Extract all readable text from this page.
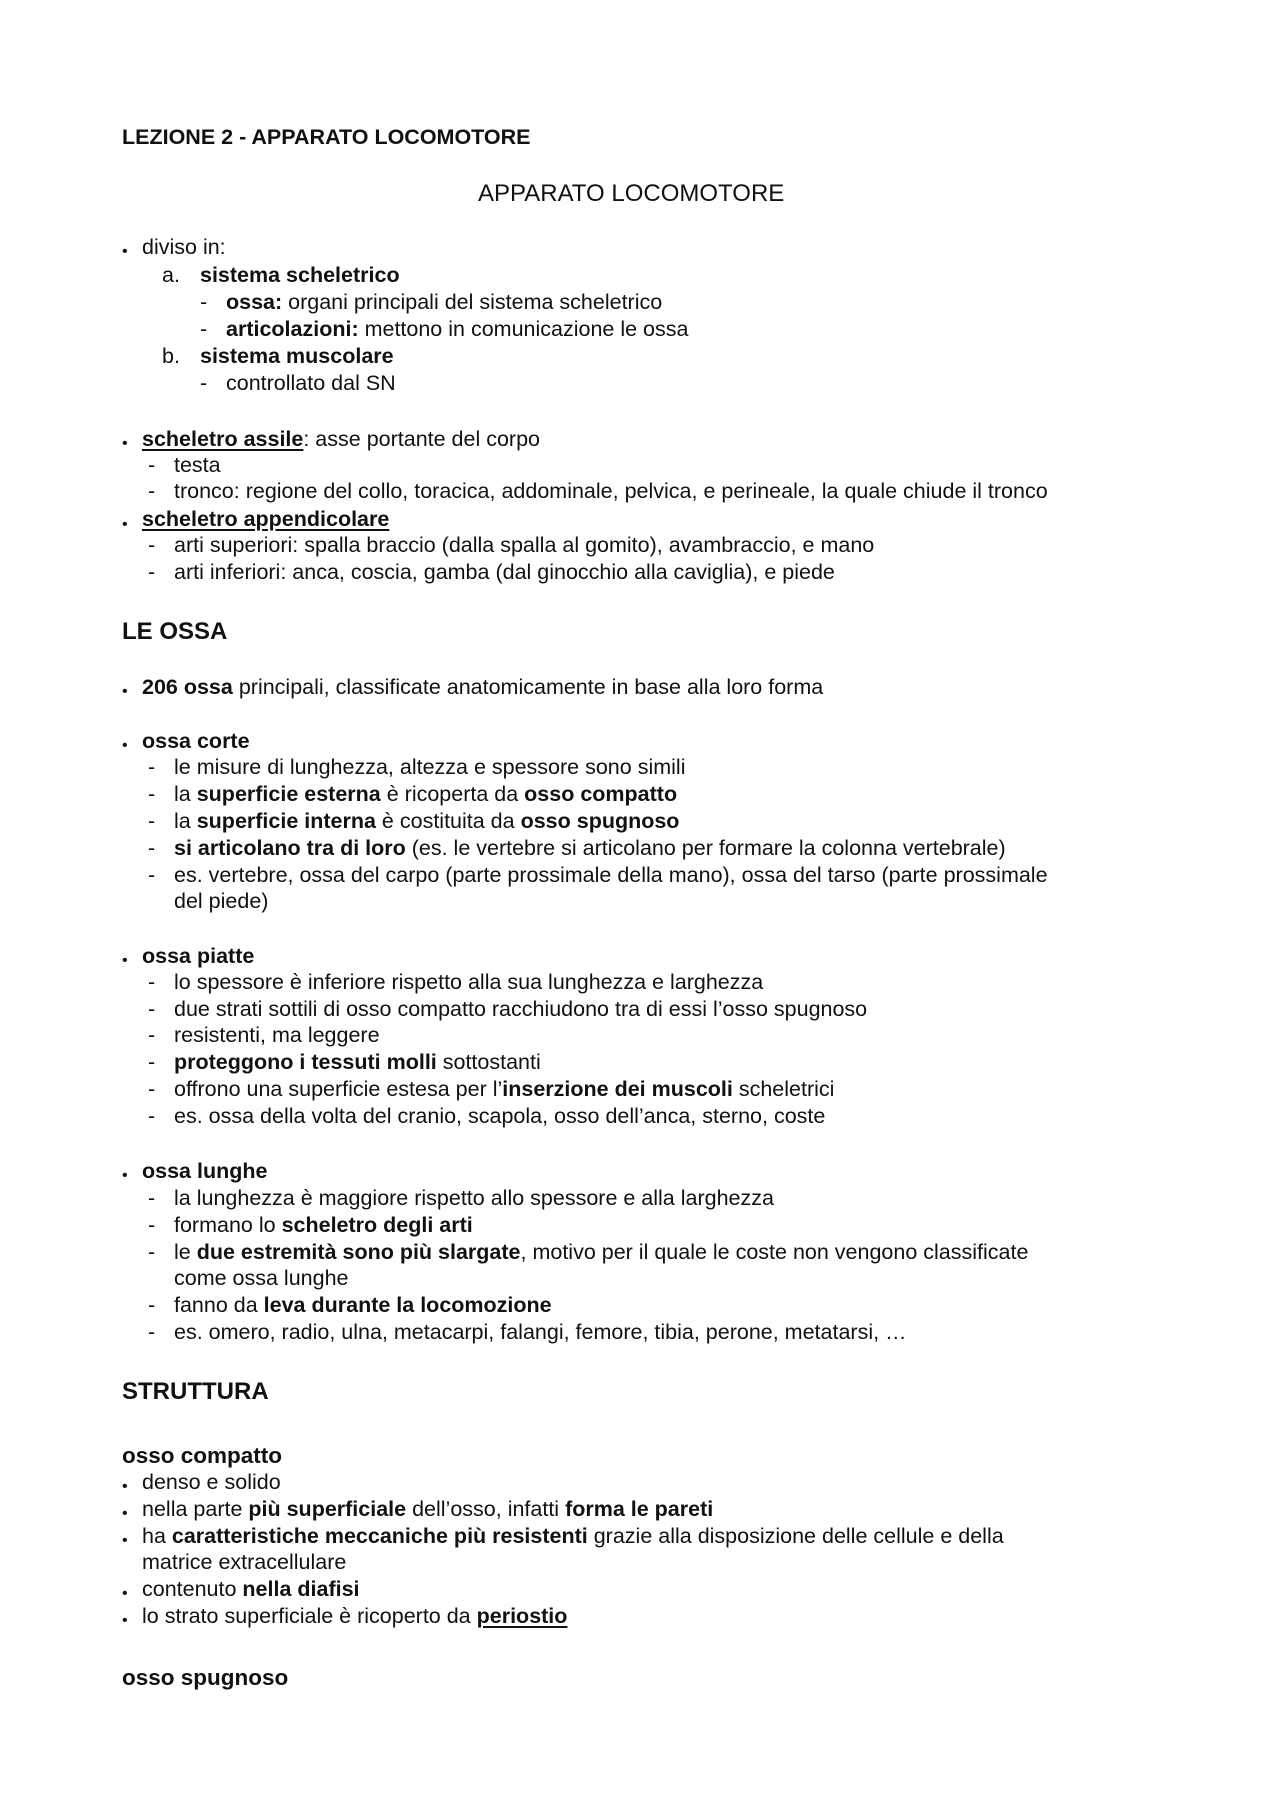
LEZIONE 2 - APPARATO LOCOMOTORE
APPARATO LOCOMOTORE
• diviso in:
a. sistema scheletrico
- ossa: organi principali del sistema scheletrico
- articolazioni: mettono in comunicazione le ossa
b. sistema muscolare
- controllato dal SN
• scheletro assile: asse portante del corpo
- testa
- tronco: regione del collo, toracica, addominale, pelvica, e perineale, la quale chiude il tronco
• scheletro appendicolare
- arti superiori: spalla braccio (dalla spalla al gomito), avambraccio, e mano
- arti inferiori: anca, coscia, gamba (dal ginocchio alla caviglia), e piede
LE OSSA
• 206 ossa principali, classificate anatomicamente in base alla loro forma
• ossa corte
- le misure di lunghezza, altezza e spessore sono simili
- la superficie esterna è ricoperta da osso compatto
- la superficie interna è costituita da osso spugnoso
- si articolano tra di loro (es. le vertebre si articolano per formare la colonna vertebrale)
- es. vertebre, ossa del carpo (parte prossimale della mano), ossa del tarso (parte prossimale
del piede)
• ossa piatte
- lo spessore è inferiore rispetto alla sua lunghezza e larghezza
- due strati sottili di osso compatto racchiudono tra di essi l’osso spugnoso
- resistenti, ma leggere
- proteggono i tessuti molli sottostanti
- offrono una superficie estesa per l’inserzione dei muscoli scheletrici
- es. ossa della volta del cranio, scapola, osso dell’anca, sterno, coste
• ossa lunghe
- la lunghezza è maggiore rispetto allo spessore e alla larghezza
- formano lo scheletro degli arti
- le due estremità sono più slargate, motivo per il quale le coste non vengono classificate
come ossa lunghe
- fanno da leva durante la locomozione
- es. omero, radio, ulna, metacarpi, falangi, femore, tibia, perone, metatarsi, …
STRUTTURA
osso compatto
• denso e solido
• nella parte più superficiale dell’osso, infatti forma le pareti
• ha caratteristiche meccaniche più resistenti grazie alla disposizione delle cellule e della
matrice extracellulare
• contenuto nella diafisi
• lo strato superficiale è ricoperto da periostio
osso spugnoso
